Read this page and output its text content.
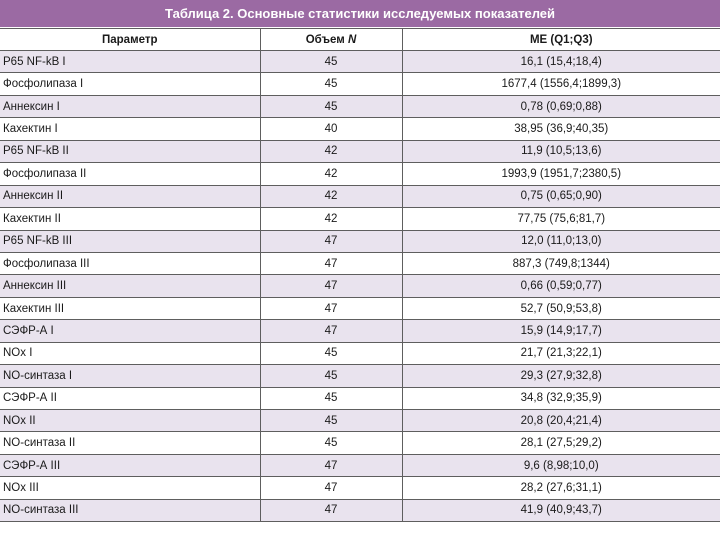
Таблица 2. Основные статистики исследуемых показателей
Параметр	Объем N	ME (Q1;Q3)
P65 NF-kB I	45	16,1 (15,4;18,4)
Фосфолипаза I	45	1677,4 (1556,4;1899,3)
Аннексин I	45	0,78 (0,69;0,88)
Кахектин I	40	38,95 (36,9;40,35)
P65 NF-kB II	42	11,9 (10,5;13,6)
Фосфолипаза II	42	1993,9 (1951,7;2380,5)
Аннексин II	42	0,75 (0,65;0,90)
Кахектин II	42	77,75 (75,6;81,7)
P65 NF-kB III	47	12,0 (11,0;13,0)
Фосфолипаза III	47	887,3 (749,8;1344)
Аннексин III	47	0,66 (0,59;0,77)
Кахектин III	47	52,7 (50,9;53,8)
СЭФР-А I	47	15,9 (14,9;17,7)
NOx I	45	21,7 (21,3;22,1)
NO-синтаза I	45	29,3 (27,9;32,8)
СЭФР-А II	45	34,8 (32,9;35,9)
NOx II	45	20,8 (20,4;21,4)
NO-синтаза II	45	28,1 (27,5;29,2)
СЭФР-А III	47	9,6 (8,98;10,0)
NOx III	47	28,2 (27,6;31,1)
NO-синтаза III	47	41,9 (40,9;43,7)
